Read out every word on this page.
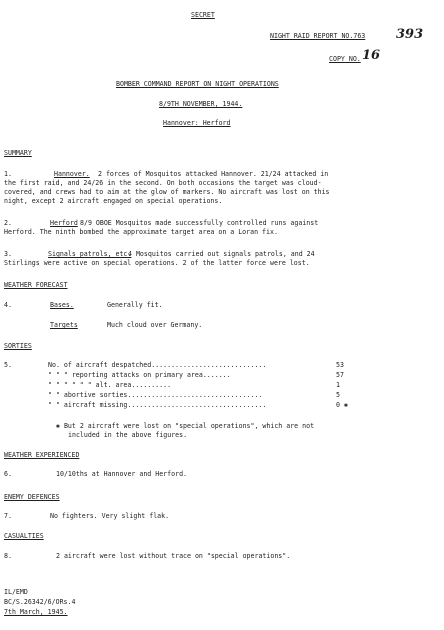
SECRET
NIGHT RAID REPORT NO.763 393
COPY NO. 16
BOMBER COMMAND REPORT ON NIGHT OPERATIONS
8/9TH NOVEMBER, 1944.
Hannover: Herford
SUMMARY
1.	Hannover. 2 forces of Mosquitos attacked Hannover. 21/24 attacked in
the first raid, and 24/26 in the second. On both occasions the target was cloud-
covered, and crews had to aim at the glow of markers. No aircraft was lost on this
night, except 2 aircraft engaged on special operations.
2.	Herford 8/9 OBOE Mosquitos made successfully controlled runs against
Herford. The ninth bombed the approximate target area on a Loran fix.
3.	Signals patrols, etc.
4 Mosquitos carried out signals patrols, and 24
Stirlings were active on special operations. 2 of the latter force were lost.
WEATHER FORECAST
4.	Bases.	Generally fit.
Targets	Much cloud over Germany.
SORTIES
5.	No. of aircraft despatched.............................	53
" " " reporting attacks on primary area.......	57
" " " " " " alt. area..........	1
" " abortive sorties..................................	5
" " aircraft missing...................................	0 ✱
✱ But 2 aircraft were lost on "special operations", which are not
included in the above figures.
WEATHER EXPERIENCED
6.	10/10ths at Hannover and Herford.
ENEMY DEFENCES
7.	No fighters. Very slight flak.
CASUALTIES
8.	2 aircraft were lost without trace on "special operations".
IL/EMD
BC/S.26342/6/ORs.4
7th March, 1945.
